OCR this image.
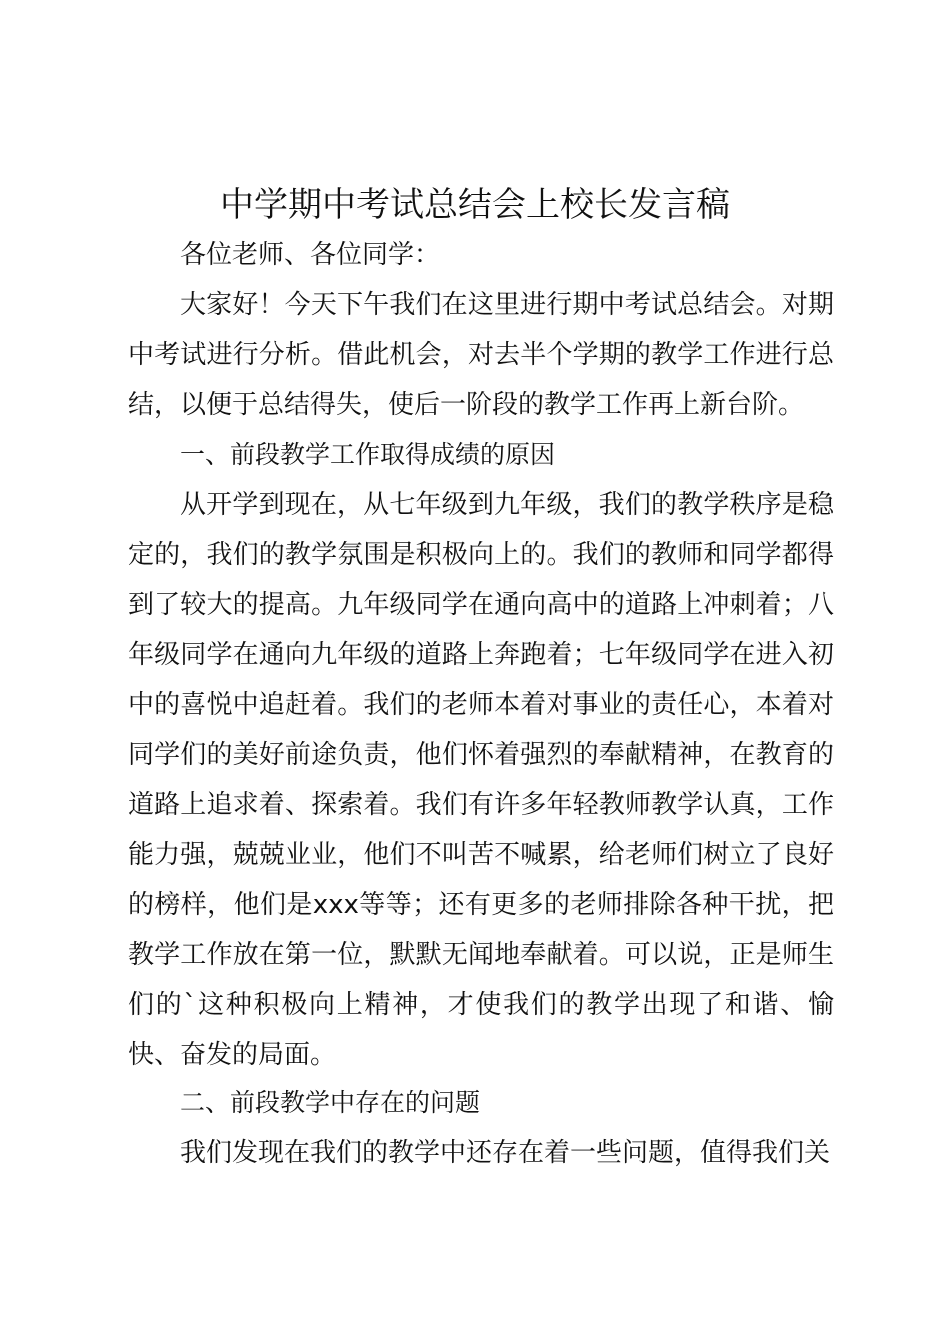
中学期中考试总结会上校长发言稿

各位老师、各位同学：

大家好！今天下午我们在这里进行期中考试总结会。对期中考试进行分析。借此机会，对去半个学期的教学工作进行总结，以便于总结得失，使后一阶段的教学工作再上新台阶。

一、前段教学工作取得成绩的原因

从开学到现在，从七年级到九年级，我们的教学秩序是稳定的，我们的教学氛围是积极向上的。我们的教师和同学都得到了较大的提高。九年级同学在通向高中的道路上冲刺着；八年级同学在通向九年级的道路上奔跑着；七年级同学在进入初中的喜悦中追赶着。我们的老师本着对事业的责任心，本着对同学们的美好前途负责，他们怀着强烈的奉献精神，在教育的道路上追求着、探索着。我们有许多年轻教师教学认真，工作能力强，兢兢业业，他们不叫苦不喊累，给老师们树立了良好的榜样，他们是xxx等等；还有更多的老师排除各种干扰，把教学工作放在第一位，默默无闻地奉献着。可以说，正是师生们的`这种积极向上精神，才使我们的教学出现了和谐、愉快、奋发的局面。

二、前段教学中存在的问题

我们发现在我们的教学中还存在着一些问题，值得我们关
